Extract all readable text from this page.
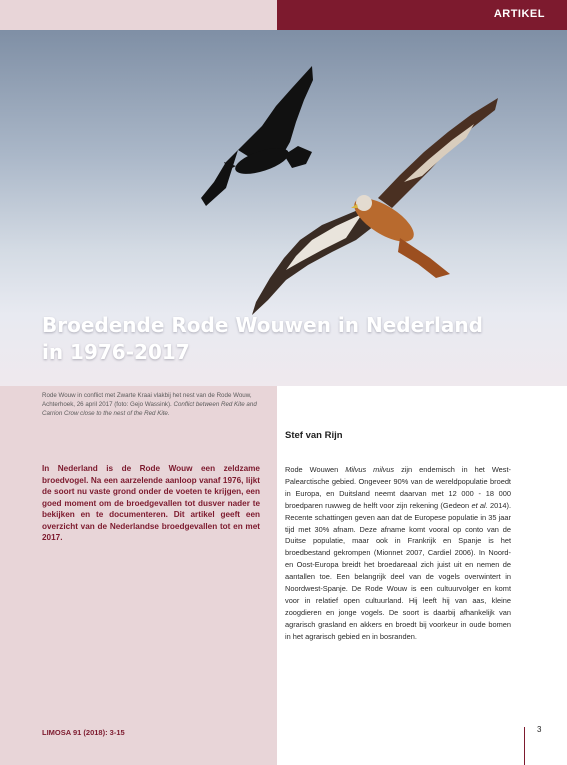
ARTIKEL
Broedende Rode Wouwen in Nederland
in 1976-2017

Rode Wouw in conflict met Zwarte Kraai vlakbij het nest van de Rode Wouw, Achterhoek, 26 april 2017 (foto: Gejo Wassink). Conflict between Red Kite and Carrion Crow close to the nest of the Red Kite.

In Nederland is de Rode Wouw een zeldzame broedvogel. Na een aarzelende aanloop vanaf 1976, lijkt de soort nu vaste grond onder de voeten te krijgen, een goed moment om de broedgevallen tot dusver nader te bekijken en te documenteren. Dit artikel geeft een overzicht van de Nederlandse broedgevallen tot en met 2017.

LIMOSA 91 (2018): 3-15

Stef van Rijn

Rode Wouwen Milvus milvus zijn endemisch in het West-Palearctische gebied. Ongeveer 90% van de wereldpopulatie broedt in Europa, en Duitsland neemt daarvan met 12 000 - 18 000 broedparen ruwweg de helft voor zijn rekening (Gedeon et al. 2014). Recente schattingen geven aan dat de Europese populatie in 35 jaar tijd met 30% afnam. Deze afname komt vooral op conto van de Duitse populatie, maar ook in Frankrijk en Spanje is het broedbestand gekrompen (Mionnet 2007, Cardiel 2006). In Noord- en Oost-Europa breidt het broedareaal zich juist uit en nemen de aantallen toe. Een belangrijk deel van de vogels overwintert in Noordwest-Spanje. De Rode Wouw is een cultuurvolger en komt voor in relatief open cultuurland. Hij leeft hij van aas, kleine zoogdieren en jonge vogels. De soort is daarbij afhankelijk van agrarisch grasland en akkers en broedt bij voorkeur in oude bomen in het agrarisch gebied en in bosranden.

3
